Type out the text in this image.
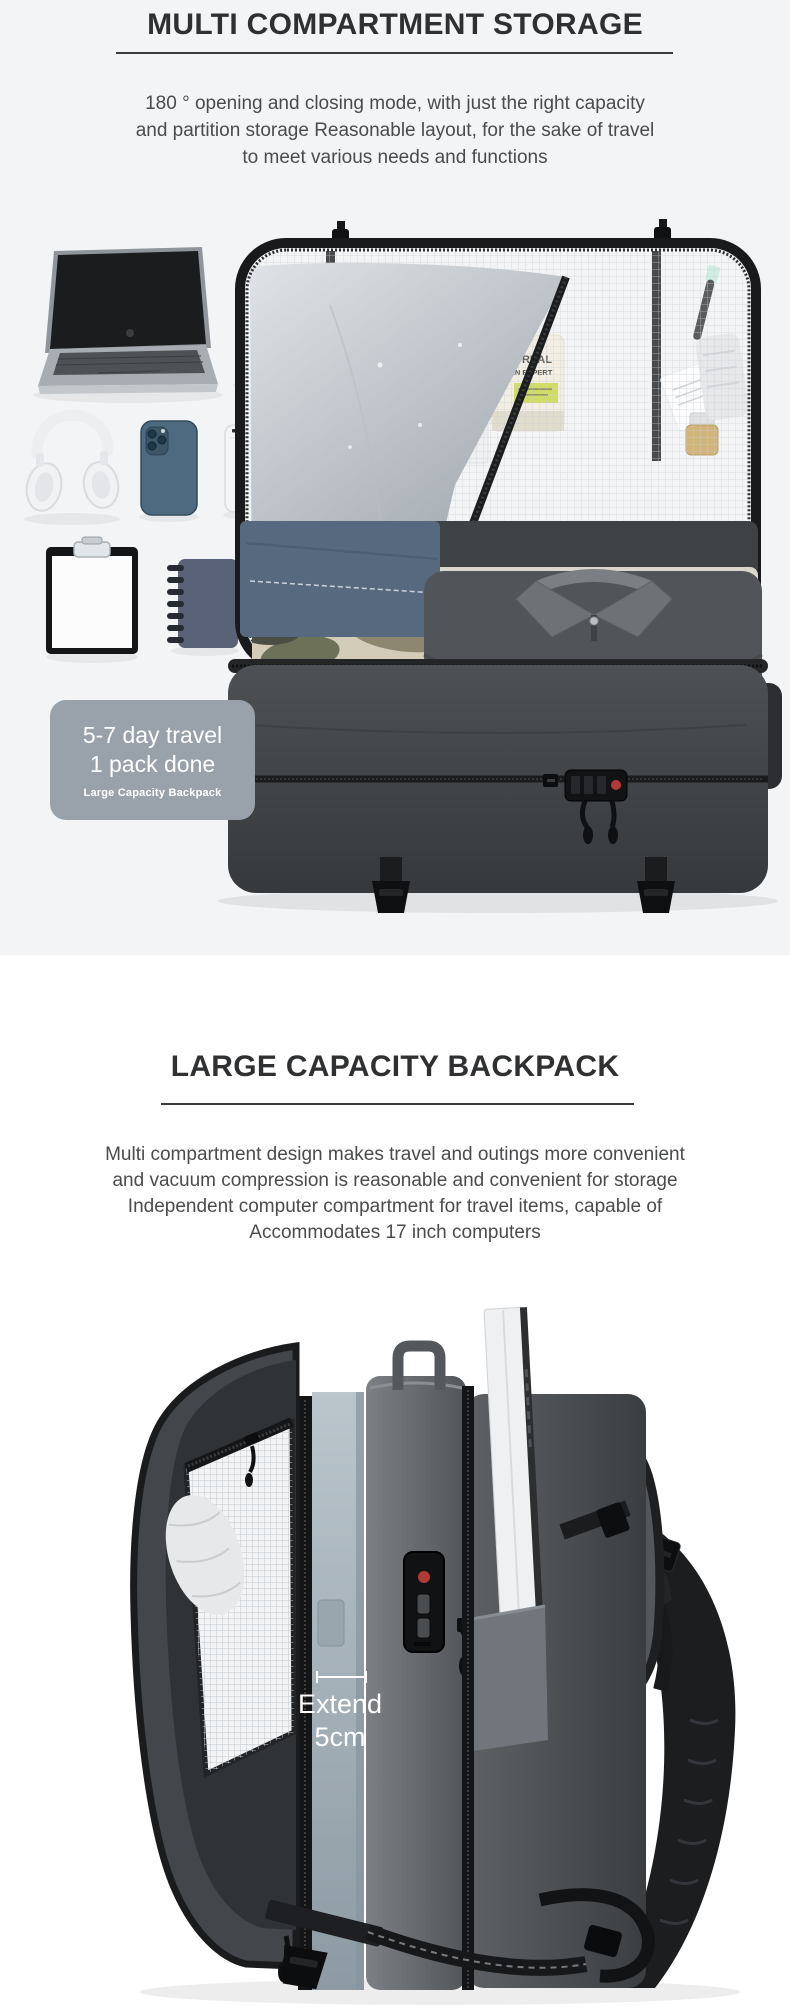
MULTI COMPARTMENT STORAGE
180 ° opening and closing mode, with just the right capacity
and partition storage Reasonable layout, for the sake of travel
to meet various needs and functions
5-7 day travel
1 pack done
Large Capacity Backpack
LARGE CAPACITY BACKPACK
Multi compartment design makes travel and outings more convenient
and vacuum compression is reasonable and convenient for storage
Independent computer compartment for travel items, capable of
Accommodates 17 inch computers
Extend
5cm
